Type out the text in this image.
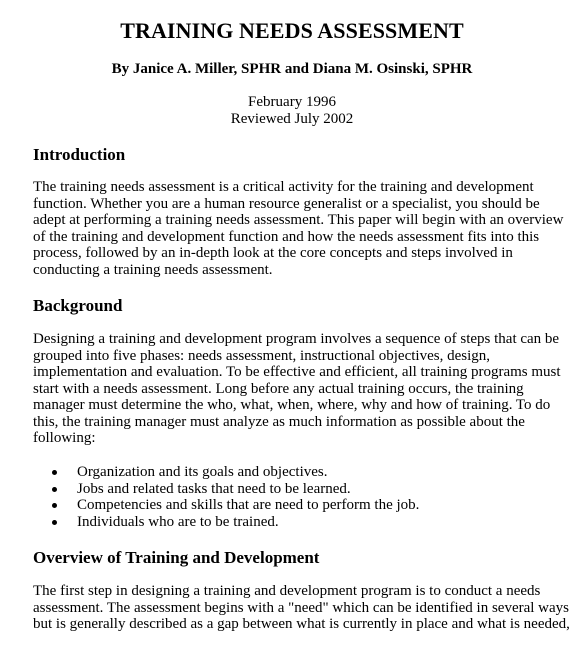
TRAINING NEEDS ASSESSMENT
By Janice A. Miller, SPHR and Diana M. Osinski, SPHR
February 1996
Reviewed July 2002
Introduction
The training needs assessment is a critical activity for the training and development
function. Whether you are a human resource generalist or a specialist, you should be
adept at performing a training needs assessment. This paper will begin with an overview
of the training and development function and how the needs assessment fits into this
process, followed by an in-depth look at the core concepts and steps involved in
conducting a training needs assessment.
Background
Designing a training and development program involves a sequence of steps that can be
grouped into five phases: needs assessment, instructional objectives, design,
implementation and evaluation. To be effective and efficient, all training programs must
start with a needs assessment. Long before any actual training occurs, the training
manager must determine the who, what, when, where, why and how of training. To do
this, the training manager must analyze as much information as possible about the
following:
Organization and its goals and objectives.
Jobs and related tasks that need to be learned.
Competencies and skills that are need to perform the job.
Individuals who are to be trained.
Overview of Training and Development
The first step in designing a training and development program is to conduct a needs
assessment. The assessment begins with a "need" which can be identified in several ways
but is generally described as a gap between what is currently in place and what is needed,
